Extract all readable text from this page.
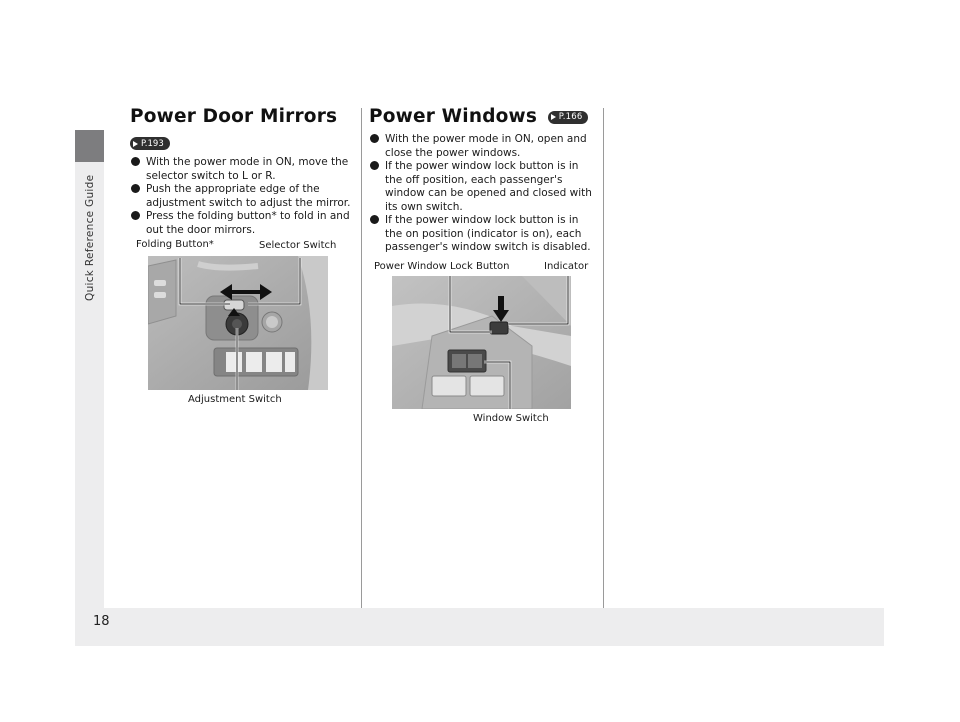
Quick Reference Guide
18
Power Door Mirrors
P.193
With the power mode in ON, move the selector switch to L or R.
Push the appropriate edge of the adjustment switch to adjust the mirror.
Press the folding button* to fold in and out the door mirrors.
Folding Button*	Selector Switch
Adjustment Switch
Power Windows	P.166
With the power mode in ON, open and close the power windows.
If the power window lock button is in the off position, each passenger's window can be opened and closed with its own switch.
If the power window lock button is in the on position (indicator is on), each passenger's window switch is disabled.
Power Window Lock Button	Indicator
Window Switch
